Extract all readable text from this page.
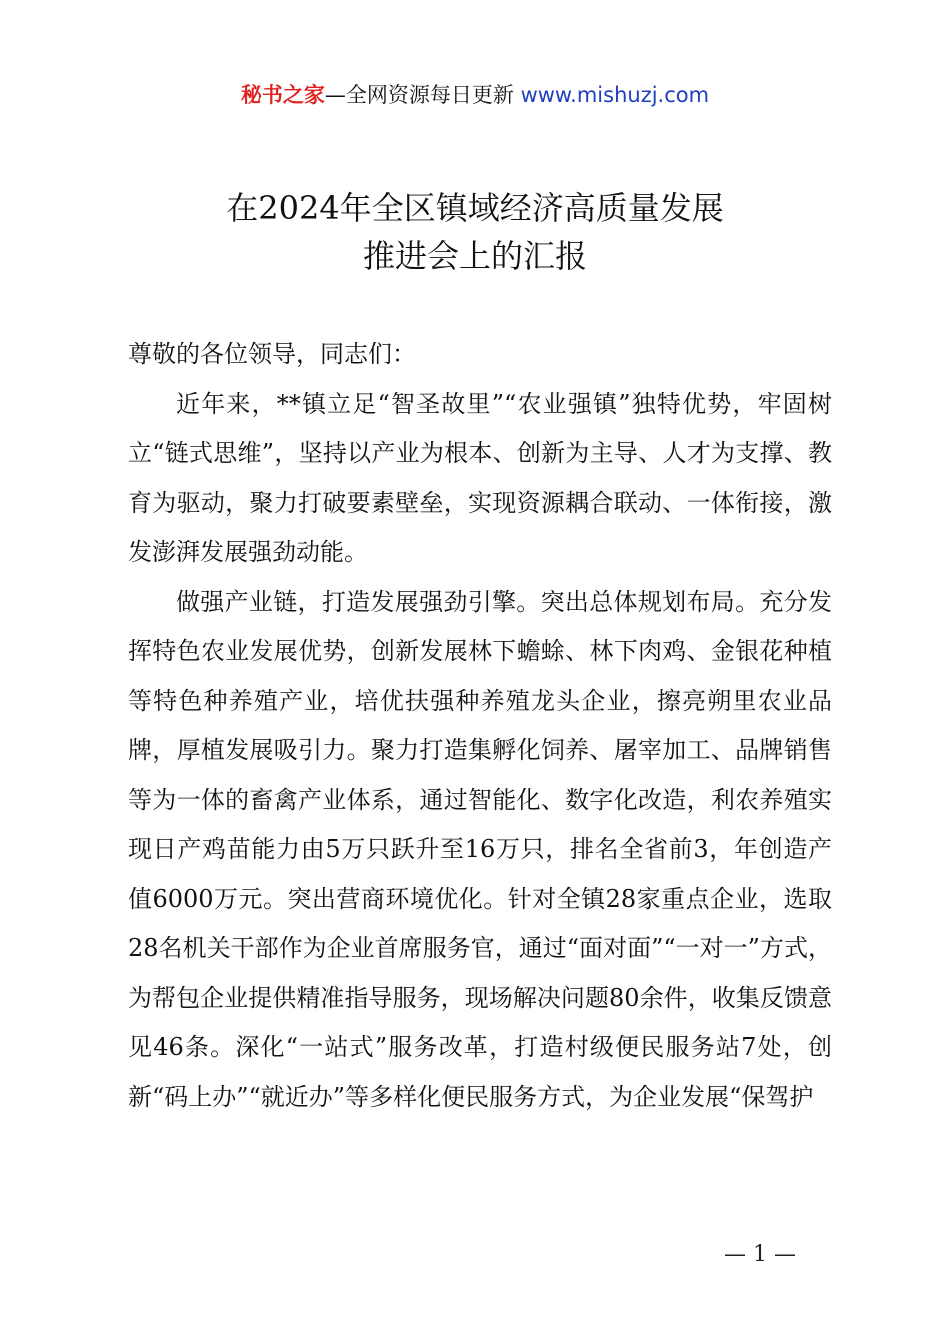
秘书之家—全网资源每日更新 www.mishuzj.com
在2024年全区镇域经济高质量发展
推进会上的汇报

尊敬的各位领导，同志们：

近年来，**镇立足“智圣故里”“农业强镇”独特优势，牢固树立“链式思维”，坚持以产业为根本、创新为主导、人才为支撑、教育为驱动，聚力打破要素壁垒，实现资源耦合联动、一体衔接，激发澎湃发展强劲动能。

做强产业链，打造发展强劲引擎。突出总体规划布局。充分发挥特色农业发展优势，创新发展林下蟾蜍、林下肉鸡、金银花种植等特色种养殖产业，培优扶强种养殖龙头企业，擦亮朔里农业品牌，厚植发展吸引力。聚力打造集孵化饲养、屠宰加工、品牌销售等为一体的畜禽产业体系，通过智能化、数字化改造，利农养殖实现日产鸡苗能力由5万只跃升至16万只，排名全省前3，年创造产值6000万元。突出营商环境优化。针对全镇28家重点企业，选取28名机关干部作为企业首席服务官，通过“面对面”“一对一”方式，为帮包企业提供精准指导服务，现场解决问题80余件，收集反馈意见46条。深化“一站式”服务改革，打造村级便民服务站7处，创新“码上办”“就近办”等多样化便民服务方式，为企业发展“保驾护

— 1 —
